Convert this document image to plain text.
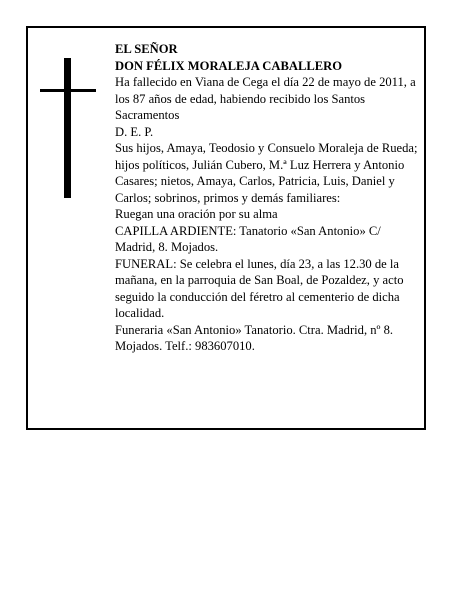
EL SEÑOR

DON FÉLIX MORALEJA CABALLERO

Ha fallecido en Viana de Cega el día 22 de mayo de 2011, a los 87 años de edad, habiendo recibido los Santos Sacramentos

D. E. P.

Sus hijos, Amaya, Teodosio y Consuelo Moraleja de Rueda; hijos políticos, Julián Cubero, M.ª Luz Herrera y Antonio Casares; nietos, Amaya, Carlos, Patricia, Luis, Daniel y Carlos; sobrinos, primos y demás familiares:

Ruegan una oración por su alma

CAPILLA ARDIENTE: Tanatorio «San Antonio» C/ Madrid, 8. Mojados.

FUNERAL: Se celebra el lunes, día 23, a las 12.30 de la mañana, en la parroquia de San Boal, de Pozaldez, y acto seguido la conducción del féretro al cementerio de dicha localidad.

Funeraria «San Antonio» Tanatorio. Ctra. Madrid, nº 8. Mojados. Telf.: 983607010.
